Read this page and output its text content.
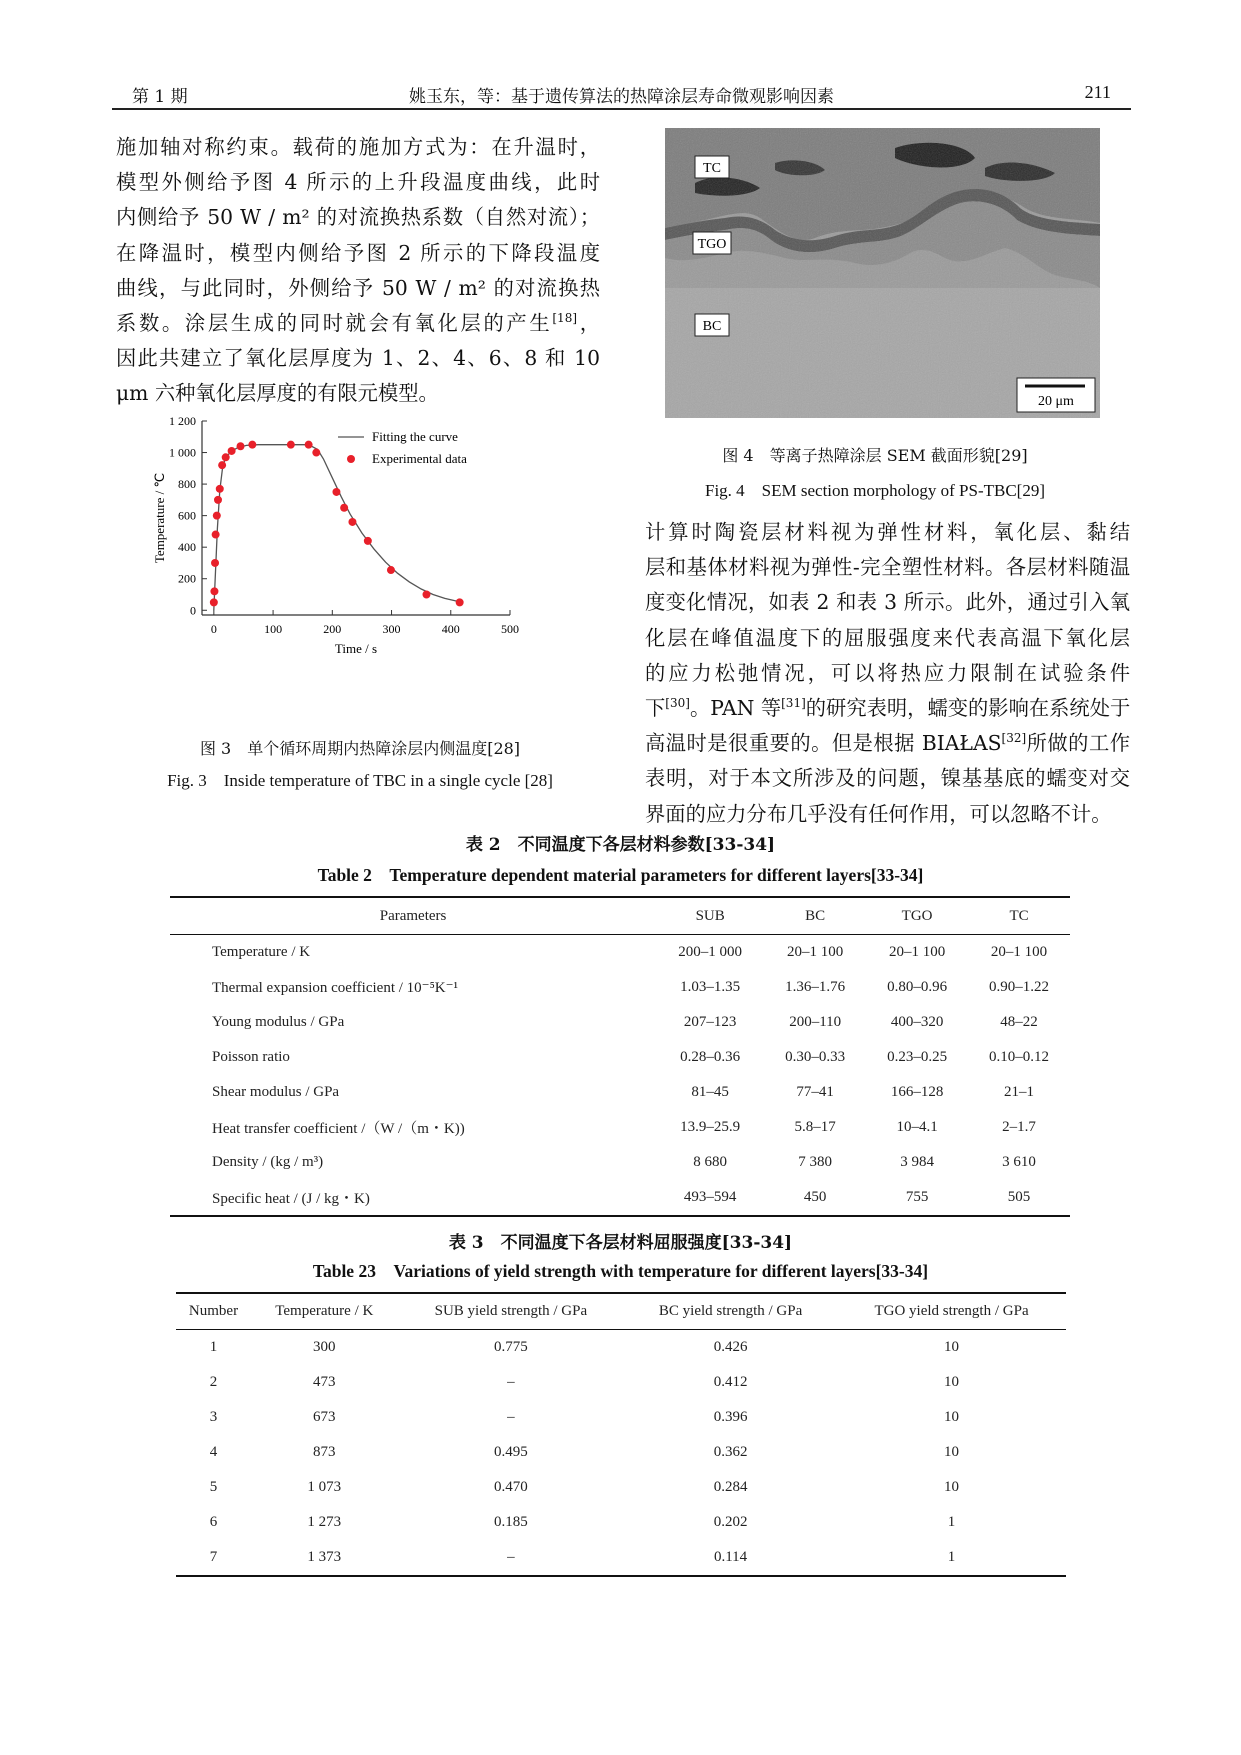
第 1 期	姚玉东，等：基于遗传算法的热障涂层寿命微观影响因素	211
施加轴对称约束。载荷的施加方式为：在升温时，
模型外侧给予图 4 所示的上升段温度曲线，此时
内侧给予 50 W / m² 的对流换热系数（自然对流）；
在降温时，模型内侧给予图 2 所示的下降段温度
曲线，与此同时，外侧给予 50 W / m² 的对流换热
系数。涂层生成的同时就会有氧化层的产生[18]，
因此共建立了氧化层厚度为 1、2、4、6、8 和 10
μm 六种氧化层厚度的有限元模型。
0
200
400
600
800
1 000
1 200
0	100	200	300	400	500
Time / s
Temperature / ℃
Fitting the curve
Experimental data
图 3　单个循环周期内热障涂层内侧温度[28]
Fig. 3　Inside temperature of TBC in a single cycle [28]
TC
TGO
BC
20 μm
图 4　等离子热障涂层 SEM 截面形貌[29]
Fig. 4　SEM section morphology of PS-TBC[29]
计算时陶瓷层材料视为弹性材料，氧化层、黏结
层和基体材料视为弹性-完全塑性材料。各层材料随温
度变化情况，如表 2 和表 3 所示。此外，通过引入氧
化层在峰值温度下的屈服强度来代表高温下氧化层
的应力松弛情况，可以将热应力限制在试验条件
下[30]。PAN 等[31]的研究表明，蠕变的影响在系统处于
高温时是很重要的。但是根据 BIAŁAS[32]所做的工作
表明，对于本文所涉及的问题，镍基基底的蠕变对交
界面的应力分布几乎没有任何作用，可以忽略不计。
表 2　不同温度下各层材料参数[33-34]
Table 2　Temperature dependent material parameters for different layers[33-34]
Parameters	SUB	BC	TGO	TC
Temperature / K	200–1 000	20–1 100	20–1 100	20–1 100
Thermal expansion coefficient / 10⁻⁵K⁻¹	1.03–1.35	1.36–1.76	0.80–0.96	0.90–1.22
Young modulus / GPa	207–123	200–110	400–320	48–22
Poisson ratio	0.28–0.36	0.30–0.33	0.23–0.25	0.10–0.12
Shear modulus / GPa	81–45	77–41	166–128	21–1
Heat transfer coefficient /（W /（m・K))	13.9–25.9	5.8–17	10–4.1	2–1.7
Density / (kg / m³)	8 680	7 380	3 984	3 610
Specific heat / (J / kg・K)	493–594	450	755	505
表 3　不同温度下各层材料屈服强度[33-34]
Table 23　Variations of yield strength with temperature for different layers[33-34]
Number	Temperature / K	SUB yield strength / GPa	BC yield strength / GPa	TGO yield strength / GPa
1	300	0.775	0.426	10
2	473	–	0.412	10
3	673	–	0.396	10
4	873	0.495	0.362	10
5	1 073	0.470	0.284	10
6	1 273	0.185	0.202	1
7	1 373	–	0.114	1
